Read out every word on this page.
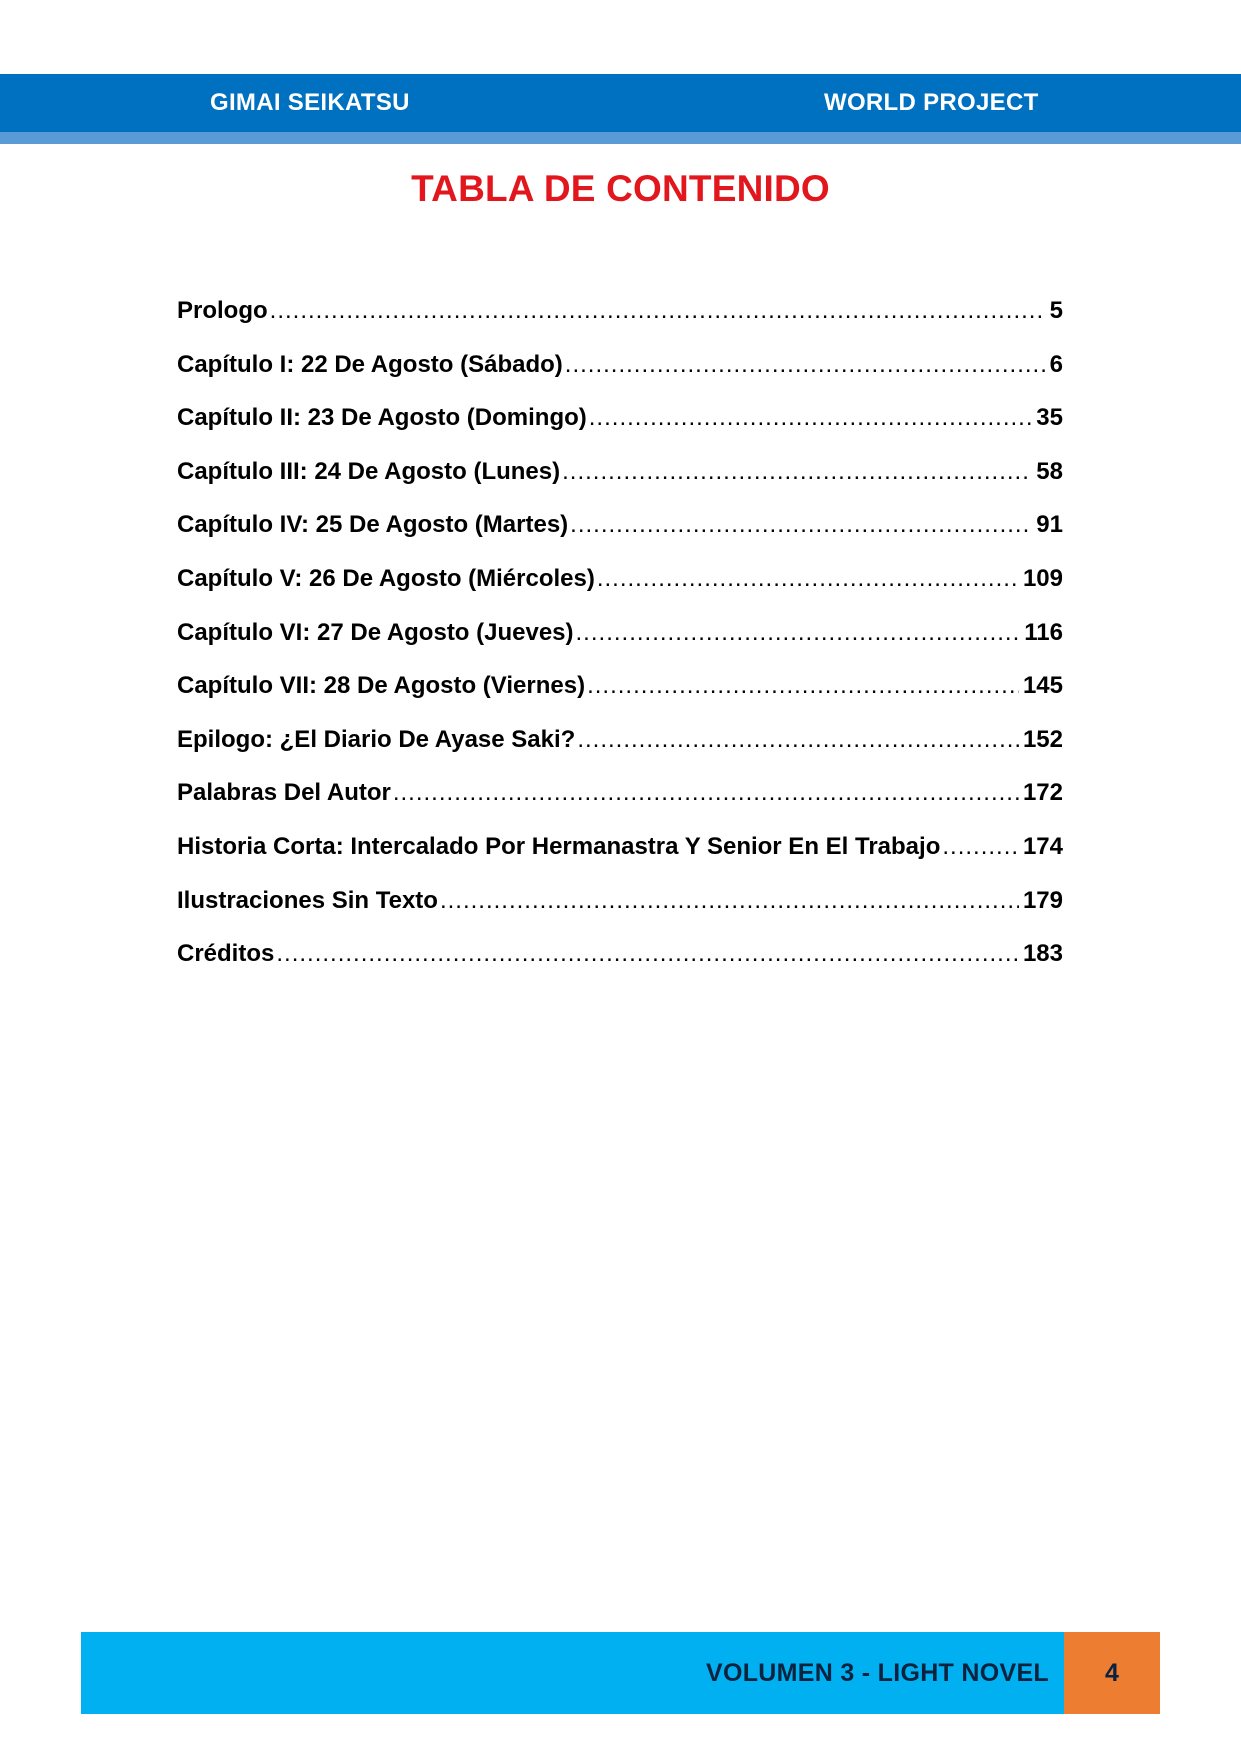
GIMAI SEIKATSU	WORLD PROJECT
TABLA DE CONTENIDO
Prologo .....	5
Capítulo I: 22 De Agosto (Sábado) .....	6
Capítulo II: 23 De Agosto (Domingo) .....	35
Capítulo III: 24 De Agosto (Lunes) .....	58
Capítulo IV: 25 De Agosto (Martes) .....	91
Capítulo V: 26 De Agosto (Miércoles) .....	109
Capítulo VI: 27 De Agosto (Jueves) .....	116
Capítulo VII: 28 De Agosto (Viernes) .....	145
Epilogo: ¿El Diario De Ayase Saki? .....	152
Palabras Del Autor .....	172
Historia Corta: Intercalado Por Hermanastra Y Senior En El Trabajo .....	174
Ilustraciones Sin Texto .....	179
Créditos .....	183
VOLUMEN 3 - LIGHT NOVEL	4
